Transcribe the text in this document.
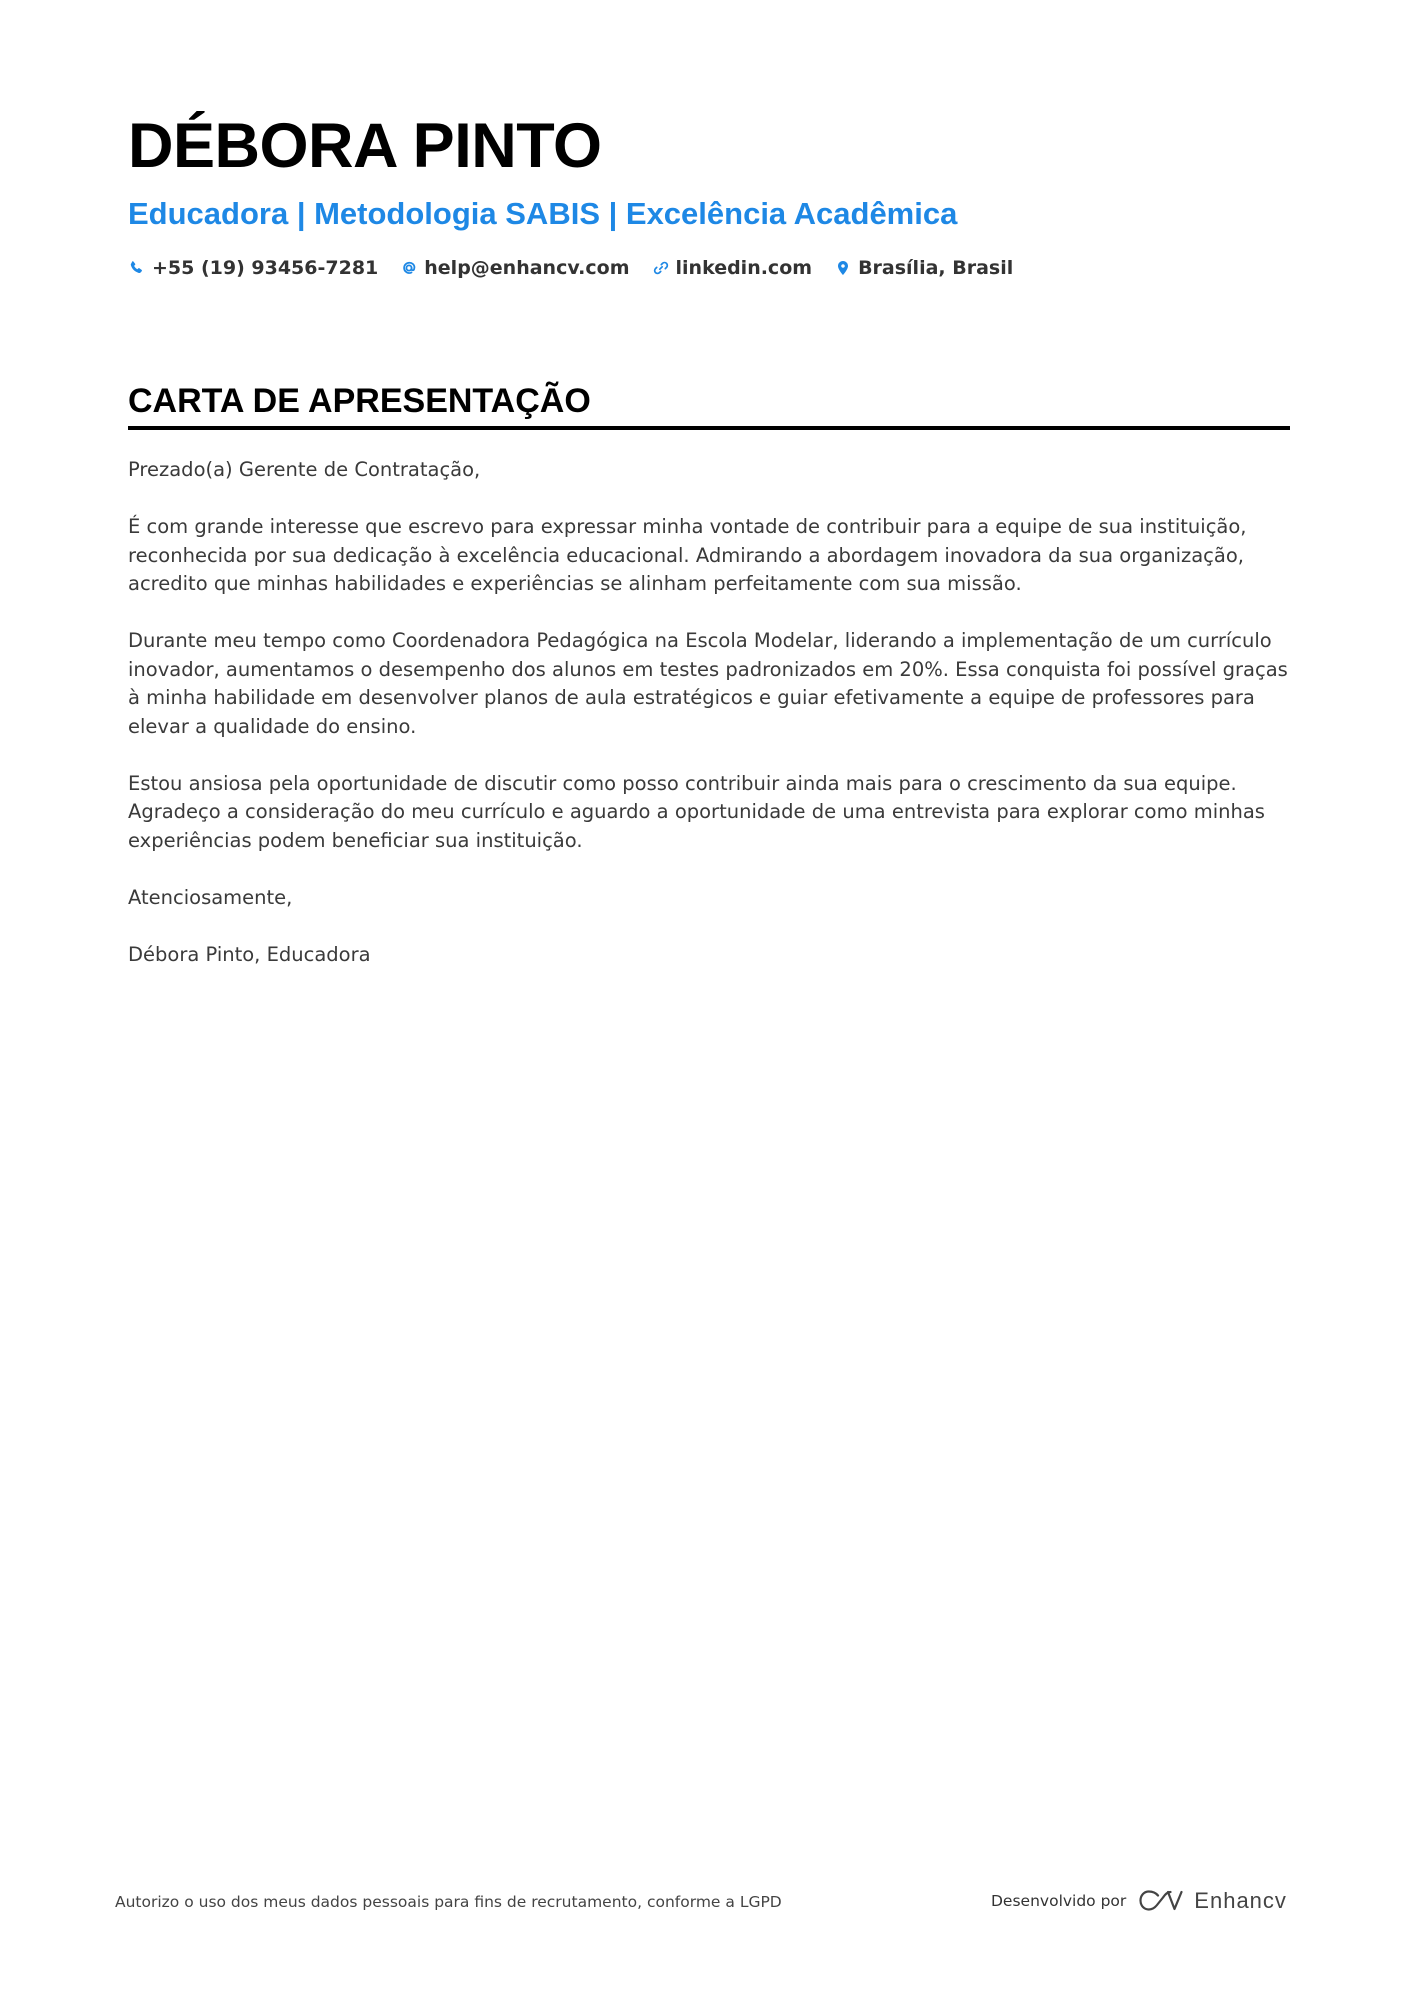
DÉBORA PINTO
Educadora | Metodologia SABIS | Excelência Acadêmica
+55 (19) 93456-7281 help@enhancv.com linkedin.com Brasília, Brasil
CARTA DE APRESENTAÇÃO

Prezado(a) Gerente de Contratação,

É com grande interesse que escrevo para expressar minha vontade de contribuir para a equipe de sua instituição, reconhecida por sua dedicação à excelência educacional. Admirando a abordagem inovadora da sua organização, acredito que minhas habilidades e experiências se alinham perfeitamente com sua missão.

Durante meu tempo como Coordenadora Pedagógica na Escola Modelar, liderando a implementação de um currículo inovador, aumentamos o desempenho dos alunos em testes padronizados em 20%. Essa conquista foi possível graças à minha habilidade em desenvolver planos de aula estratégicos e guiar efetivamente a equipe de professores para elevar a qualidade do ensino.

Estou ansiosa pela oportunidade de discutir como posso contribuir ainda mais para o crescimento da sua equipe. Agradeço a consideração do meu currículo e aguardo a oportunidade de uma entrevista para explorar como minhas experiências podem beneficiar sua instituição.

Atenciosamente,

Débora Pinto, Educadora

Autorizo o uso dos meus dados pessoais para fins de recrutamento, conforme a LGPD	Desenvolvido por	Enhancv
